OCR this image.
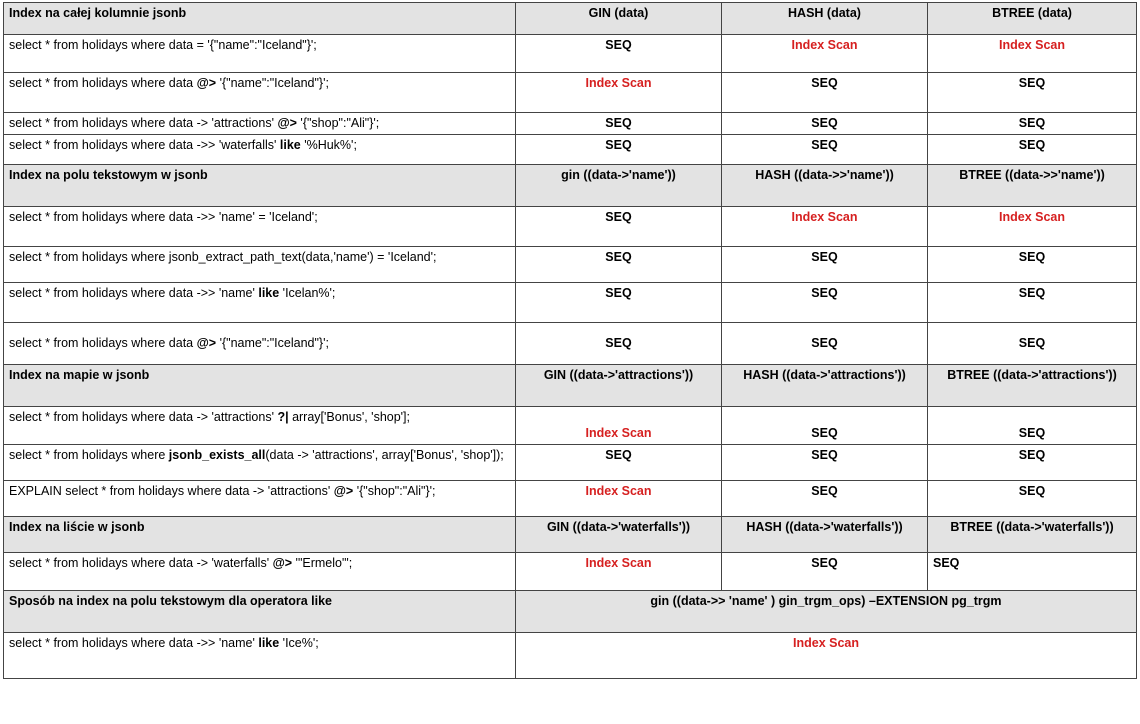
Index na całej kolumnie jsonb	GIN (data)	HASH (data)	BTREE (data)
select * from holidays where data = '{"name":"Iceland"}';	SEQ	Index Scan	Index Scan
select * from holidays where data @> '{"name":"Iceland"}';	Index Scan	SEQ	SEQ
select * from holidays where data -> 'attractions' @> '{"shop":"Ali"}';	SEQ	SEQ	SEQ
select * from holidays where data ->> 'waterfalls' like '%Huk%';	SEQ	SEQ	SEQ
Index na polu tekstowym w jsonb	gin ((data->'name'))	HASH ((data->>'name'))	BTREE ((data->>'name'))
select * from holidays where data ->> 'name' = 'Iceland';	SEQ	Index Scan	Index Scan
select * from holidays where jsonb_extract_path_text(data,'name') = 'Iceland';	SEQ	SEQ	SEQ
select * from holidays where data ->> 'name' like 'Icelan%';	SEQ	SEQ	SEQ
select * from holidays where data @> '{"name":"Iceland"}';	SEQ	SEQ	SEQ
Index na mapie w jsonb	GIN ((data->'attractions'))	HASH ((data->'attractions'))	BTREE ((data->'attractions'))
select * from holidays where data -> 'attractions' ?| array['Bonus', 'shop'];	Index Scan	SEQ	SEQ
select * from holidays where jsonb_exists_all(data -> 'attractions', array['Bonus', 'shop']);	SEQ	SEQ	SEQ
EXPLAIN select * from holidays where data -> 'attractions' @> '{"shop":"Ali"}';	Index Scan	SEQ	SEQ
Index na liście w jsonb	GIN ((data->'waterfalls'))	HASH ((data->'waterfalls'))	BTREE ((data->'waterfalls'))
select * from holidays where data -> 'waterfalls' @> '"Ermelo"';	Index Scan	SEQ	SEQ
Sposób na index na polu tekstowym dla operatora like	gin ((data->> 'name' ) gin_trgm_ops) –EXTENSION pg_trgm		
select * from holidays where data ->> 'name' like 'Ice%';	Index Scan		
